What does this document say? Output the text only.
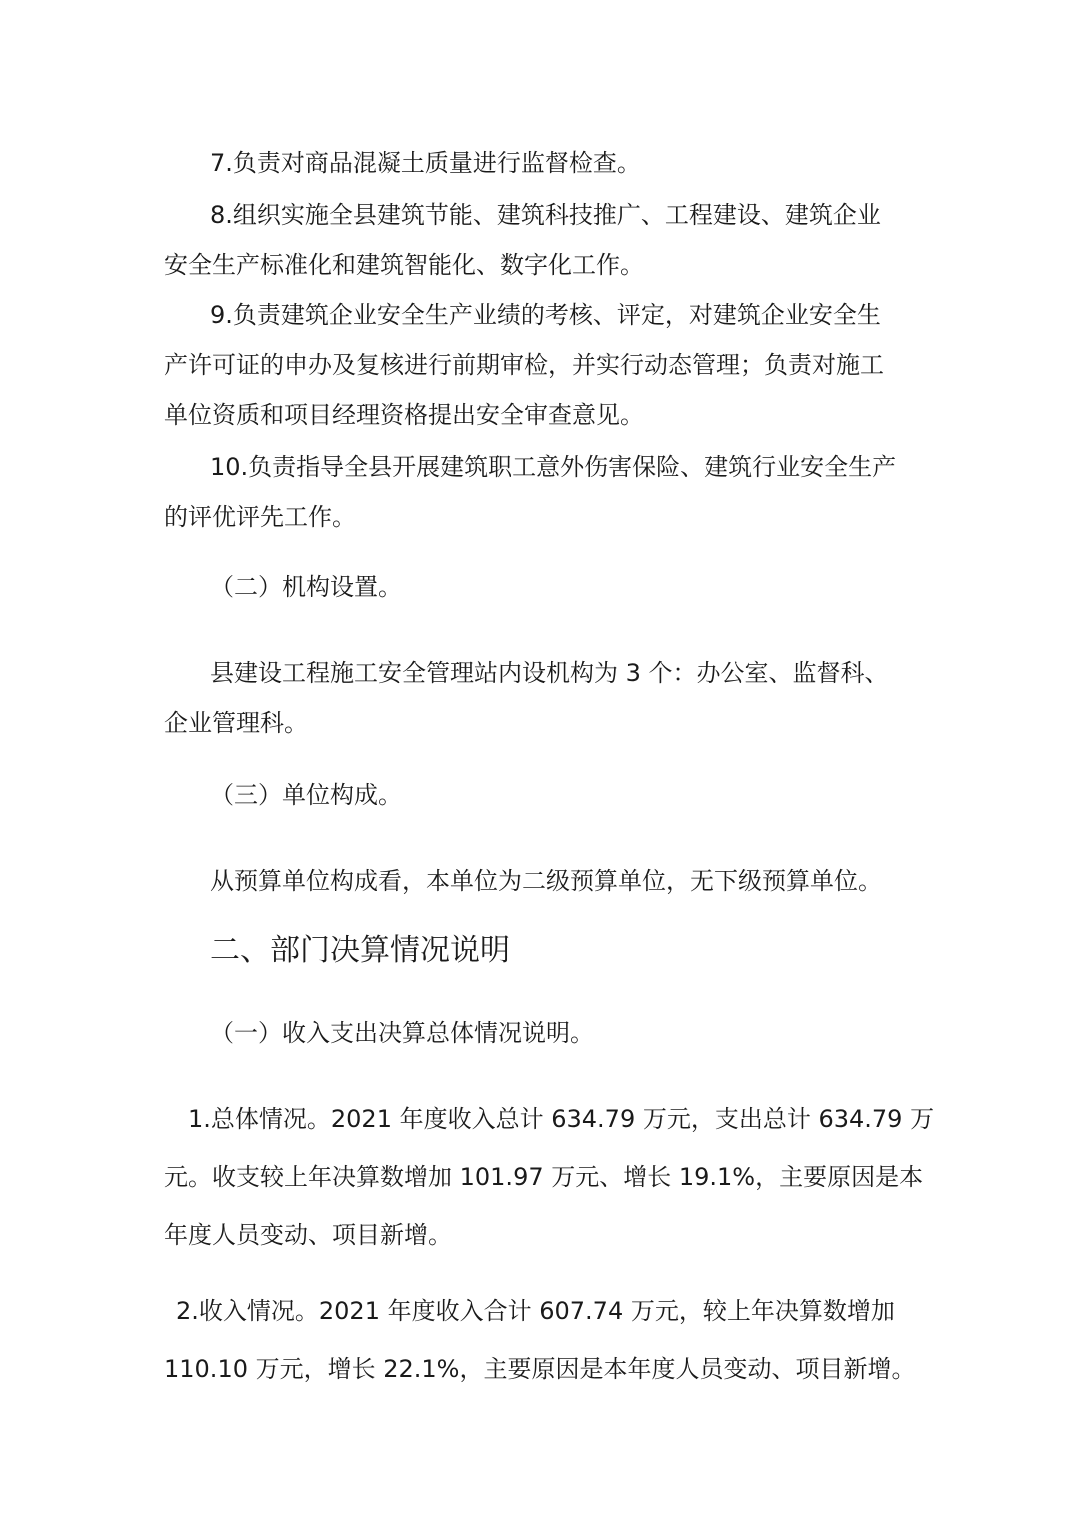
7.负责对商品混凝土质量进行监督检查。

8.组织实施全县建筑节能、建筑科技推广、工程建设、建筑企业
安全生产标准化和建筑智能化、数字化工作。

9.负责建筑企业安全生产业绩的考核、评定，对建筑企业安全生
产许可证的申办及复核进行前期审检，并实行动态管理；负责对施工
单位资质和项目经理资格提出安全审查意见。

10.负责指导全县开展建筑职工意外伤害保险、建筑行业安全生产
的评优评先工作。

（二）机构设置。

县建设工程施工安全管理站内设机构为 3 个：办公室、监督科、
企业管理科。

（三）单位构成。

从预算单位构成看，本单位为二级预算单位，无下级预算单位。

二、部门决算情况说明

（一）收入支出决算总体情况说明。

1.总体情况。2021 年度收入总计 634.79 万元，支出总计 634.79 万

元。收支较上年决算数增加 101.97 万元、增长 19.1%，主要原因是本
年度人员变动、项目新增。

2.收入情况。2021 年度收入合计 607.74 万元，较上年决算数增加

110.10 万元，增长 22.1%，主要原因是本年度人员变动、项目新增。
